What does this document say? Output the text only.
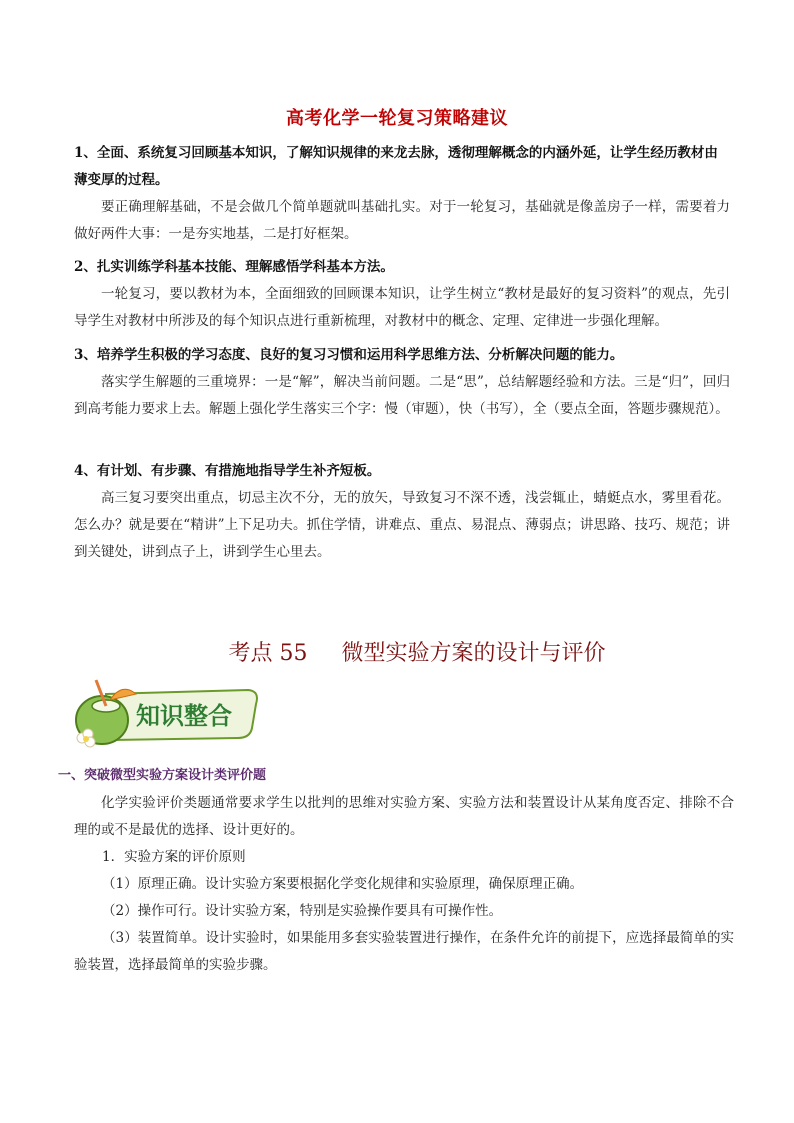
高考化学一轮复习策略建议
1、全面、系统复习回顾基本知识，了解知识规律的来龙去脉，透彻理解概念的内涵外延，让学生经历教材由薄变厚的过程。
要正确理解基础，不是会做几个简单题就叫基础扎实。对于一轮复习，基础就是像盖房子一样，需要着力做好两件大事：一是夯实地基，二是打好框架。
2、扎实训练学科基本技能、理解感悟学科基本方法。
一轮复习，要以教材为本，全面细致的回顾课本知识，让学生树立“教材是最好的复习资料”的观点，先引导学生对教材中所涉及的每个知识点进行重新梳理，对教材中的概念、定理、定律进一步强化理解。
3、培养学生积极的学习态度、良好的复习习惯和运用科学思维方法、分析解决问题的能力。
落实学生解题的三重境界：一是“解”，解决当前问题。二是“思”，总结解题经验和方法。三是“归”，回归到高考能力要求上去。解题上强化学生落实三个字：慢（审题），快（书写），全（要点全面，答题步骤规范）。
4、有计划、有步骤、有措施地指导学生补齐短板。
高三复习要突出重点，切忌主次不分，无的放矢，导致复习不深不透，浅尝辄止，蜻蜓点水，雾里看花。怎么办？就是要在“精讲”上下足功夫。抓住学情，讲难点、重点、易混点、薄弱点；讲思路、技巧、规范；讲到关键处，讲到点子上，讲到学生心里去。
考点 55 微型实验方案的设计与评价
知识整合
一、突破微型实验方案设计类评价题
化学实验评价类题通常要求学生以批判的思维对实验方案、实验方法和装置设计从某角度否定、排除不合理的或不是最优的选择、设计更好的。
1．实验方案的评价原则
（1）原理正确。设计实验方案要根据化学变化规律和实验原理，确保原理正确。
（2）操作可行。设计实验方案，特别是实验操作要具有可操作性。
（3）装置简单。设计实验时，如果能用多套实验装置进行操作，在条件允许的前提下，应选择最简单的实验装置，选择最简单的实验步骤。
